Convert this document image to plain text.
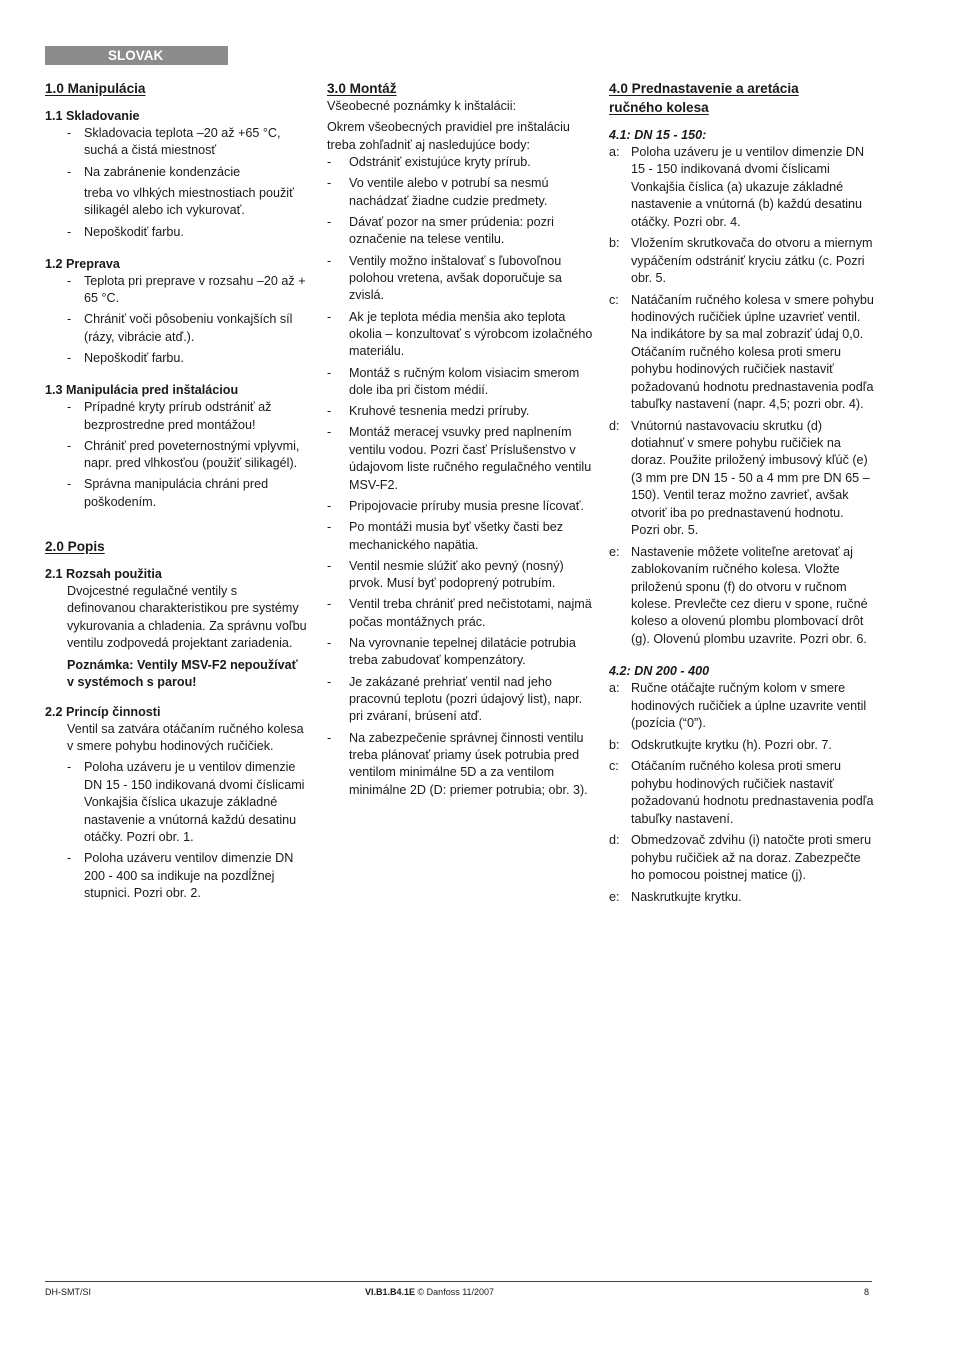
SLOVAK
1.0 Manipulácia
1.1 Skladovanie
- Skladovacia teplota –20 až +65 °C, suchá a čistá miestnosť
- Na zabránenie kondenzácie

treba vo vlhkých miestnostiach použiť silikagél alebo ich vykurovať.

- Nepoškodiť farbu.
1.2 Preprava
- Teplota pri preprave v rozsahu –20 až + 65 °C.
- Chrániť voči pôsobeniu vonkajších síl (rázy, vibrácie atď.).
- Nepoškodiť farbu.
1.3 Manipulácia pred inštaláciou
- Prípadné kryty prírub odstrániť až bezprostredne pred montážou!
- Chrániť pred poveternostnými vplyvmi, napr. pred vlhkosťou (použiť silikagél).
- Správna manipulácia chráni pred poškodením.
2.0 Popis
2.1 Rozsah použitia

Dvojcestné regulačné ventily s definovanou charakteristikou pre systémy vykurovania a chladenia. Za správnu voľbu ventilu zodpovedá projektant zariadenia.

Poznámka: Ventily MSV-F2 nepoužívať v systémoch s parou!

2.2 Princíp činnosti

Ventil sa zatvára otáčaním ručného kolesa v smere pohybu hodinových ručičiek.

- Poloha uzáveru je u ventilov dimenzie DN 15 - 150 indikovaná dvomi číslicami Vonkajšia číslica ukazuje základné nastavenie a vnútorná každú desatinu otáčky. Pozri obr. 1.
- Poloha uzáveru ventilov dimenzie DN 200 - 400 sa indikuje na pozdĺžnej stupnici. Pozri obr. 2.
3.0 Montáž

Všeobecné poznámky k inštalácii:

Okrem všeobecných pravidiel pre inštaláciu treba zohľadniť aj nasledujúce body:

- Odstrániť existujúce kryty prírub.
- Vo ventile alebo v potrubí sa nesmú nachádzať žiadne cudzie predmety.
- Dávať pozor na smer prúdenia: pozri označenie na telese ventilu.
- Ventily možno inštalovať s ľubovoľnou polohou vretena, avšak doporučuje sa zvislá.
- Ak je teplota média menšia ako teplota okolia – konzultovať s výrobcom izolačného materiálu.
- Montáž s ručným kolom visiacim smerom dole iba pri čistom médií.
- Kruhové tesnenia medzi príruby.
- Montáž meracej vsuvky pred naplnením ventilu vodou. Pozri časť Príslušenstvo v údajovom liste ručného regulačného ventilu MSV-F2.
- Pripojovacie príruby musia presne lícovať.
- Po montáži musia byť všetky časti bez mechanického napätia.
- Ventil nesmie slúžiť ako pevný (nosný) prvok. Musí byť podoprený potrubím.
- Ventil treba chrániť pred nečistotami, najmä počas montážnych prác.
- Na vyrovnanie tepelnej dilatácie potrubia treba zabudovať kompenzátory.
- Je zakázané prehriať ventil nad jeho pracovnú teplotu (pozri údajový list), napr. pri zváraní, brúsení atď.
- Na zabezpečenie správnej činnosti ventilu treba plánovať priamy úsek potrubia pred ventilom minimálne 5D a za ventilom minimálne 2D (D: priemer potrubia; obr. 3).
4.0 Prednastavenie a aretácia
ručného kolesa
4.1: DN 15 - 150:
a: Poloha uzáveru je u ventilov dimenzie DN 15 - 150 indikovaná dvomi číslicami Vonkajšia číslica (a) ukazuje základné nastavenie a vnútorná (b) každú desatinu otáčky. Pozri obr. 4.
b: Vložením skrutkovača do otvoru a miernym vypáčením odstrániť kryciu zátku (c. Pozri obr. 5.
c: Natáčaním ručného kolesa v smere pohybu hodinových ručičiek úplne uzavrieť ventil. Na indikátore by sa mal zobraziť údaj 0,0. Otáčaním ručného kolesa proti smeru pohybu hodinových ručičiek nastaviť požadovanú hodnotu prednastavenia podľa tabuľky nastavení (napr. 4,5; pozri obr. 4).
d: Vnútornú nastavovaciu skrutku (d) dotiahnuť v smere pohybu ručičiek na doraz. Použite priložený imbusový kľúč (e) (3 mm pre DN 15 - 50 a 4 mm pre DN 65 – 150). Ventil teraz možno zavrieť, avšak otvoriť iba po prednastavenú hodnotu. Pozri obr. 5.
e: Nastavenie môžete voliteľne aretovať aj zablokovaním ručného kolesa. Vložte priloženú sponu (f) do otvoru v ručnom kolese. Prevlečte cez dieru v spone, ručné koleso a olovenú plombu plombovací drôt (g). Olovenú plombu uzavrite. Pozri obr. 6.
4.2: DN 200 - 400
a: Ručne otáčajte ručným kolom v smere hodinových ručičiek a úplne uzavrite ventil (pozícia (“0”).
b: Odskrutkujte krytku (h). Pozri obr. 7.
c: Otáčaním ručného kolesa proti smeru pohybu hodinových ručičiek nastaviť požadovanú hodnotu prednastavenia podľa tabuľky nastavení.
d: Obmedzovač zdvihu (i) natočte proti smeru pohybu ručičiek až na doraz. Zabezpečte ho pomocou poistnej matice (j).
e: Naskrutkujte krytku.
DH-SMT/SI	VI.B1.B4.1E © Danfoss 11/2007	8
